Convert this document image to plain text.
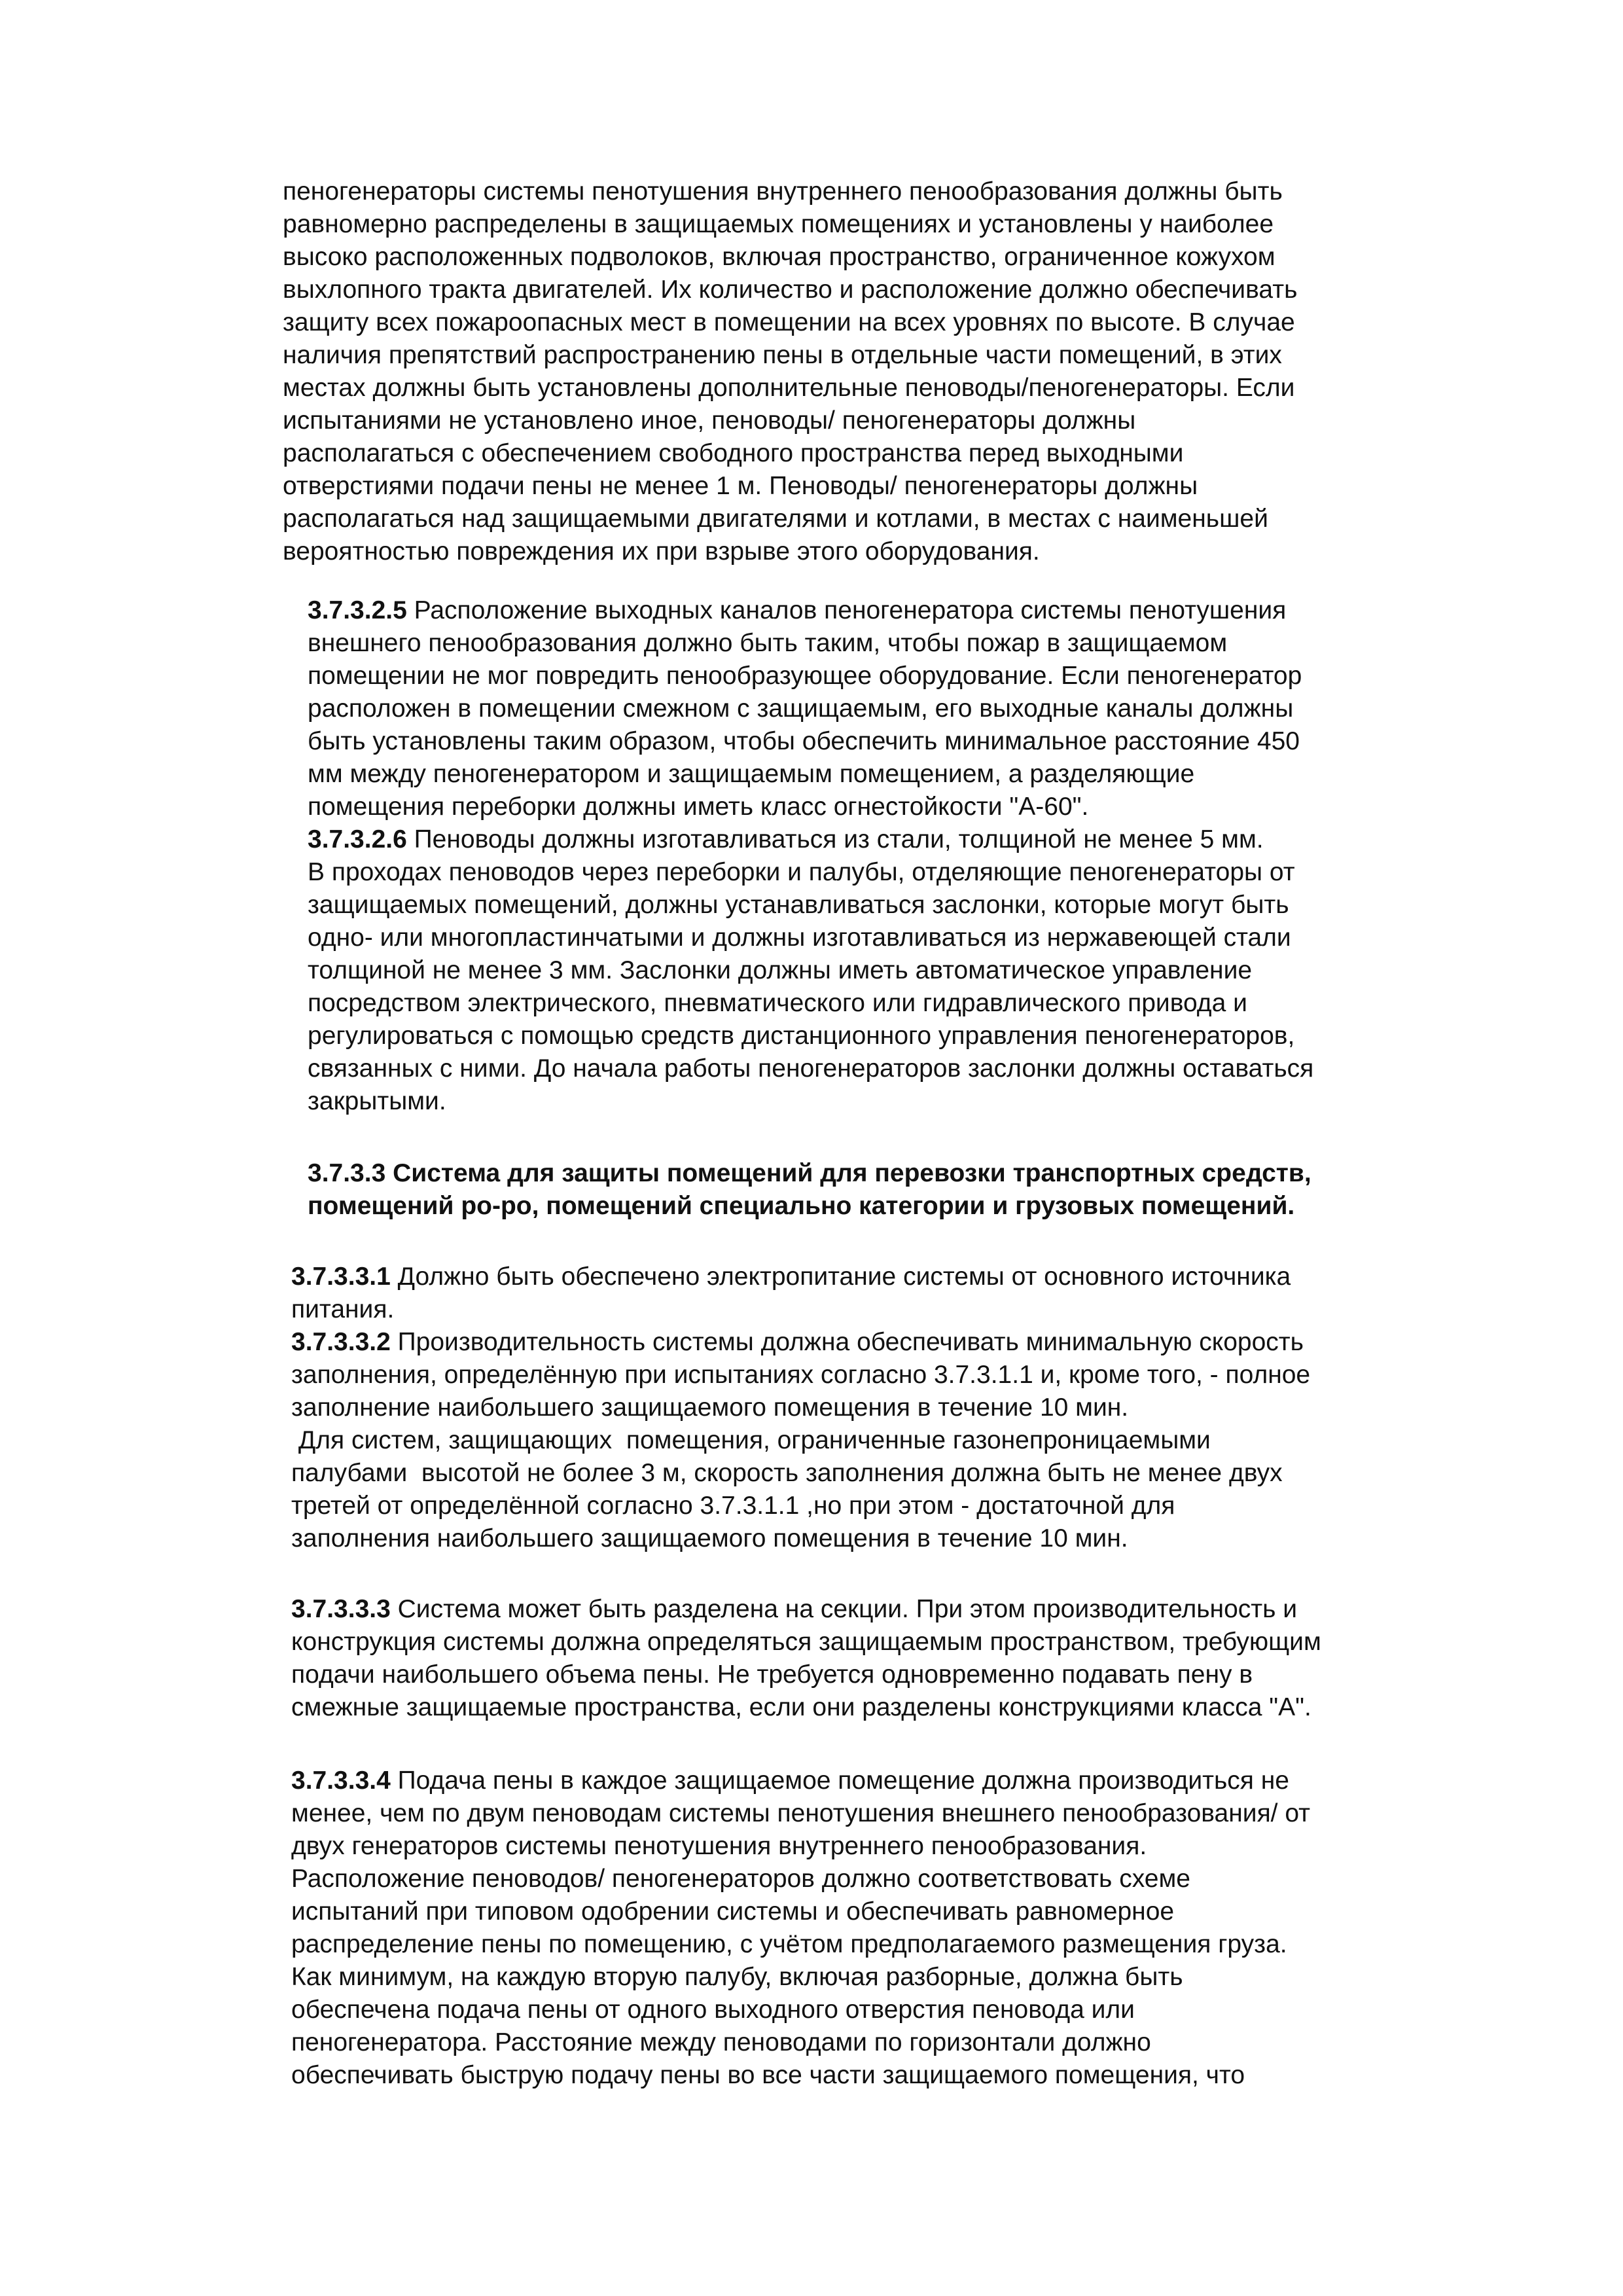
пеногенераторы системы пенотушения внутреннего пенообразования должны быть
равномерно распределены в защищаемых помещениях и установлены у наиболее
высоко расположенных подволоков, включая пространство, ограниченное кожухом
выхлопного тракта двигателей. Их количество и расположение должно обеспечивать
защиту всех пожароопасных мест в помещении на всех уровнях по высоте. В случае
наличия препятствий распространению пены в отдельные части помещений, в этих
местах должны быть установлены дополнительные пеноводы/пеногенераторы. Если
испытаниями не установлено иное, пеноводы/ пеногенераторы должны
располагаться с обеспечением свободного пространства перед выходными
отверстиями подачи пены не менее 1 м. Пеноводы/ пеногенераторы должны
располагаться над защищаемыми двигателями и котлами, в местах с наименьшей
вероятностью повреждения их при взрыве этого оборудования.
3.7.3.2.5 Расположение выходных каналов пеногенератора системы пенотушения
внешнего пенообразования должно быть таким, чтобы пожар в защищаемом
помещении не мог повредить пенообразующее оборудование. Если пеногенератор
расположен в помещении смежном с защищаемым, его выходные каналы должны
быть установлены таким образом, чтобы обеспечить минимальное расстояние 450
мм между пеногенератором и защищаемым помещением, а разделяющие
помещения переборки должны иметь класс огнестойкости "А-60".
3.7.3.2.6 Пеноводы должны изготавливаться из стали, толщиной не менее 5 мм.
В проходах пеноводов через переборки и палубы, отделяющие пеногенераторы от
защищаемых помещений, должны устанавливаться заслонки, которые могут быть
одно- или многопластинчатыми и должны изготавливаться из нержавеющей стали
толщиной не менее 3 мм. Заслонки должны иметь автоматическое управление
посредством электрического, пневматического или гидравлического привода и
регулироваться с помощью средств дистанционного управления пеногенераторов,
связанных с ними. До начала работы пеногенераторов заслонки должны оставаться
закрытыми.
3.7.3.3 Система для защиты помещений для перевозки транспортных средств,
помещений ро-ро, помещений специально категории и грузовых помещений.
3.7.3.3.1 Должно быть обеспечено электропитание системы от основного источника
питания.
3.7.3.3.2 Производительность системы должна обеспечивать минимальную скорость
заполнения, определённую при испытаниях согласно 3.7.3.1.1 и, кроме того, - полное
заполнение наибольшего защищаемого помещения в течение 10 мин.
Для систем, защищающих  помещения, ограниченные газонепроницаемыми
палубами  высотой не более 3 м, скорость заполнения должна быть не менее двух
третей от определённой согласно 3.7.3.1.1 ,но при этом - достаточной для
заполнения наибольшего защищаемого помещения в течение 10 мин.
3.7.3.3.3 Система может быть разделена на секции. При этом производительность и
конструкция системы должна определяться защищаемым пространством, требующим
подачи наибольшего объема пены. Не требуется одновременно подавать пену в
смежные защищаемые пространства, если они разделены конструкциями класса "А".
3.7.3.3.4 Подача пены в каждое защищаемое помещение должна производиться не
менее, чем по двум пеноводам системы пенотушения внешнего пенообразования/ от
двух генераторов системы пенотушения внутреннего пенообразования.
Расположение пеноводов/ пеногенераторов должно соответствовать схеме
испытаний при типовом одобрении системы и обеспечивать равномерное
распределение пены по помещению, с учётом предполагаемого размещения груза.
Как минимум, на каждую вторую палубу, включая разборные, должна быть
обеспечена подача пены от одного выходного отверстия пеновода или
пеногенератора. Расстояние между пеноводами по горизонтали должно
обеспечивать быструю подачу пены во все части защищаемого помещения, что
